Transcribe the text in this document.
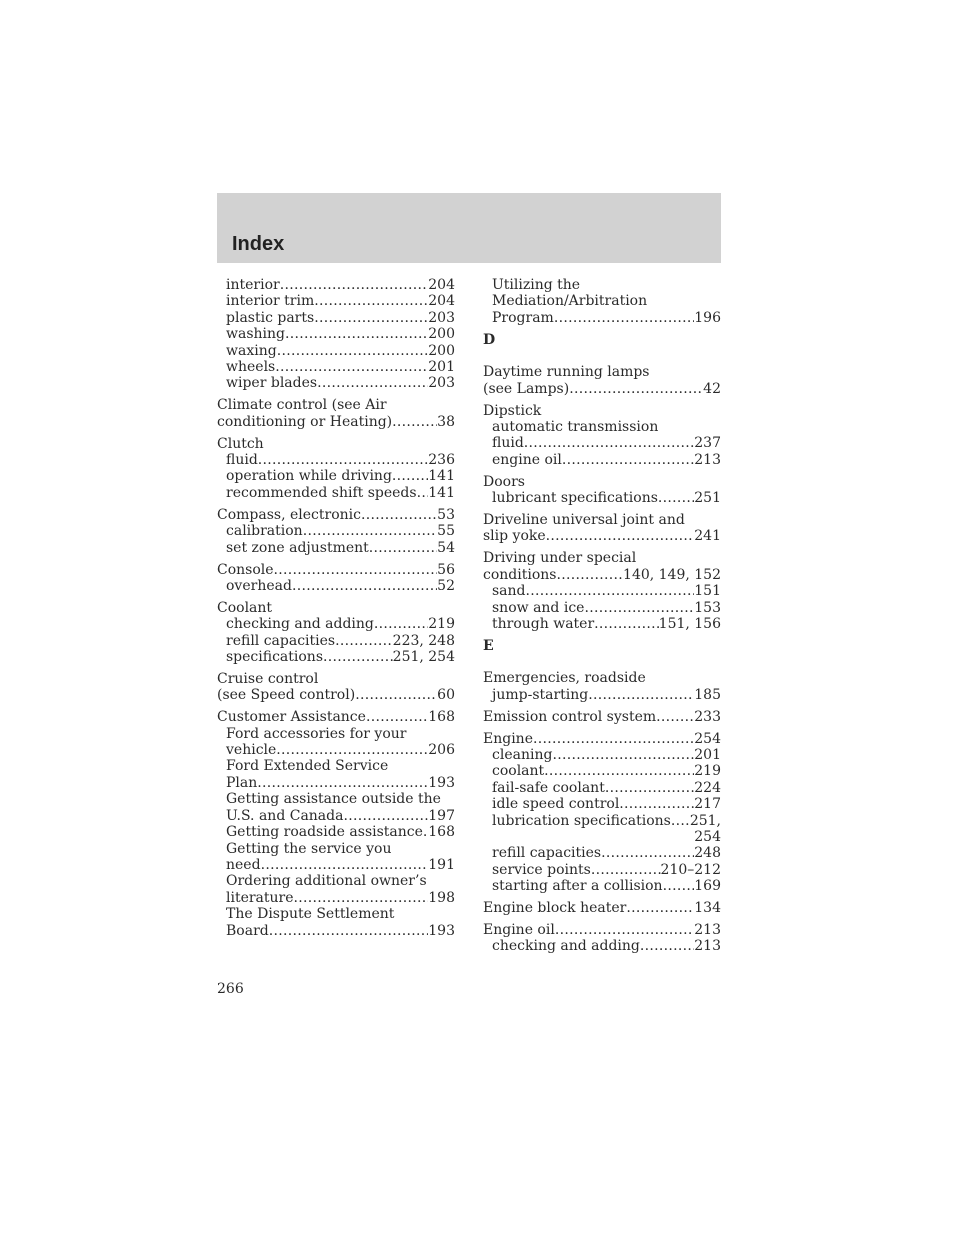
Index
interior .....	204
interior trim .....	204
plastic parts .....	203
washing .....	200
waxing .....	200
wheels .....	201
wiper blades .....	203
Climate control (see Air
conditioning or Heating) .....	38
Clutch
fluid .....	236
operation while driving .....	141
recommended shift speeds ..... 141
Compass, electronic .....	53
calibration .....	55
set zone adjustment .....	54
Console .....	56
overhead .....	52
Coolant
checking and adding .....	219
refill capacities .....	223, 248
specifications .....	251, 254
Cruise control
(see Speed control) .....	60
Customer Assistance .....	168
Ford accessories for your
vehicle .....	206
Ford Extended Service
Plan .....	193
Getting assistance outside the
U.S. and Canada .....	197
Getting roadside assistance ..... 168
Getting the service you
need .....	191
Ordering additional owner’s
literature .....	198
The Dispute Settlement
Board .....	193
Utilizing the
Mediation/Arbitration
Program .....	196
D
Daytime running lamps
(see Lamps) .....	42
Dipstick
automatic transmission
fluid .....	237
engine oil .....	213
Doors
lubricant specifications .....	251
Driveline universal joint and
slip yoke .....	241
Driving under special
conditions .....	140, 149, 152
sand .....	151
snow and ice .....	153
through water .....	151, 156
E
Emergencies, roadside
jump-starting .....	185
Emission control system .....	233
Engine .....	254
cleaning .....	201
coolant .....	219
fail-safe coolant .....	224
idle speed control .....	217
lubrication specifications ..... 251,
254
refill capacities .....	248
service points .....	210–212
starting after a collision ..... 169
Engine block heater .....	134
Engine oil .....	213
checking and adding .....	213
266
